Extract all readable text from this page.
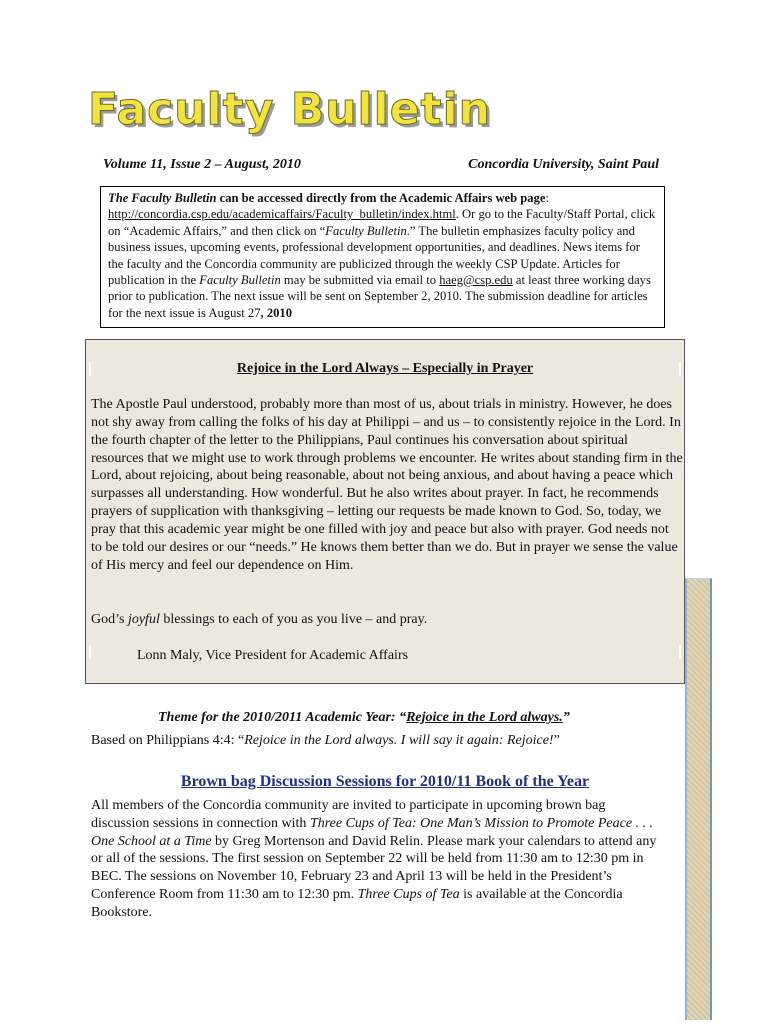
Faculty Bulletin
Volume 11, Issue 2 – August, 2010	Concordia University, Saint Paul
The Faculty Bulletin can be accessed directly from the Academic Affairs web page:
http://concordia.csp.edu/academicaffairs/Faculty_bulletin/index.html. Or go to the Faculty/Staff Portal, click on “Academic Affairs,” and then click on “Faculty Bulletin.” The bulletin emphasizes faculty policy and business issues, upcoming events, professional development opportunities, and deadlines. News items for the faculty and the Concordia community are publicized through the weekly CSP Update. Articles for publication in the Faculty Bulletin may be submitted via email to haeg@csp.edu at least three working days prior to publication. The next issue will be sent on September 2, 2010. The submission deadline for articles for the next issue is August 27, 2010
Rejoice in the Lord Always – Especially in Prayer
The Apostle Paul understood, probably more than most of us, about trials in ministry. However, he does not shy away from calling the folks of his day at Philippi – and us – to consistently rejoice in the Lord. In the fourth chapter of the letter to the Philippians, Paul continues his conversation about spiritual resources that we might use to work through problems we encounter. He writes about standing firm in the Lord, about rejoicing, about being reasonable, about not being anxious, and about having a peace which surpasses all understanding. How wonderful. But he also writes about prayer. In fact, he recommends prayers of supplication with thanksgiving – letting our requests be made known to God. So, today, we pray that this academic year might be one filled with joy and peace but also with prayer. God needs not to be told our desires or our “needs.” He knows them better than we do. But in prayer we sense the value of His mercy and feel our dependence on Him.
God’s joyful blessings to each of you as you live – and pray.
Lonn Maly, Vice President for Academic Affairs
Theme for the 2010/2011 Academic Year: “Rejoice in the Lord always.”
Based on Philippians 4:4: “Rejoice in the Lord always. I will say it again: Rejoice!”
Brown bag Discussion Sessions for 2010/11 Book of the Year
All members of the Concordia community are invited to participate in upcoming brown bag discussion sessions in connection with Three Cups of Tea: One Man’s Mission to Promote Peace . . . One School at a Time by Greg Mortenson and David Relin. Please mark your calendars to attend any or all of the sessions. The first session on September 22 will be held from 11:30 am to 12:30 pm in BEC. The sessions on November 10, February 23 and April 13 will be held in the President’s Conference Room from 11:30 am to 12:30 pm. Three Cups of Tea is available at the Concordia Bookstore.
